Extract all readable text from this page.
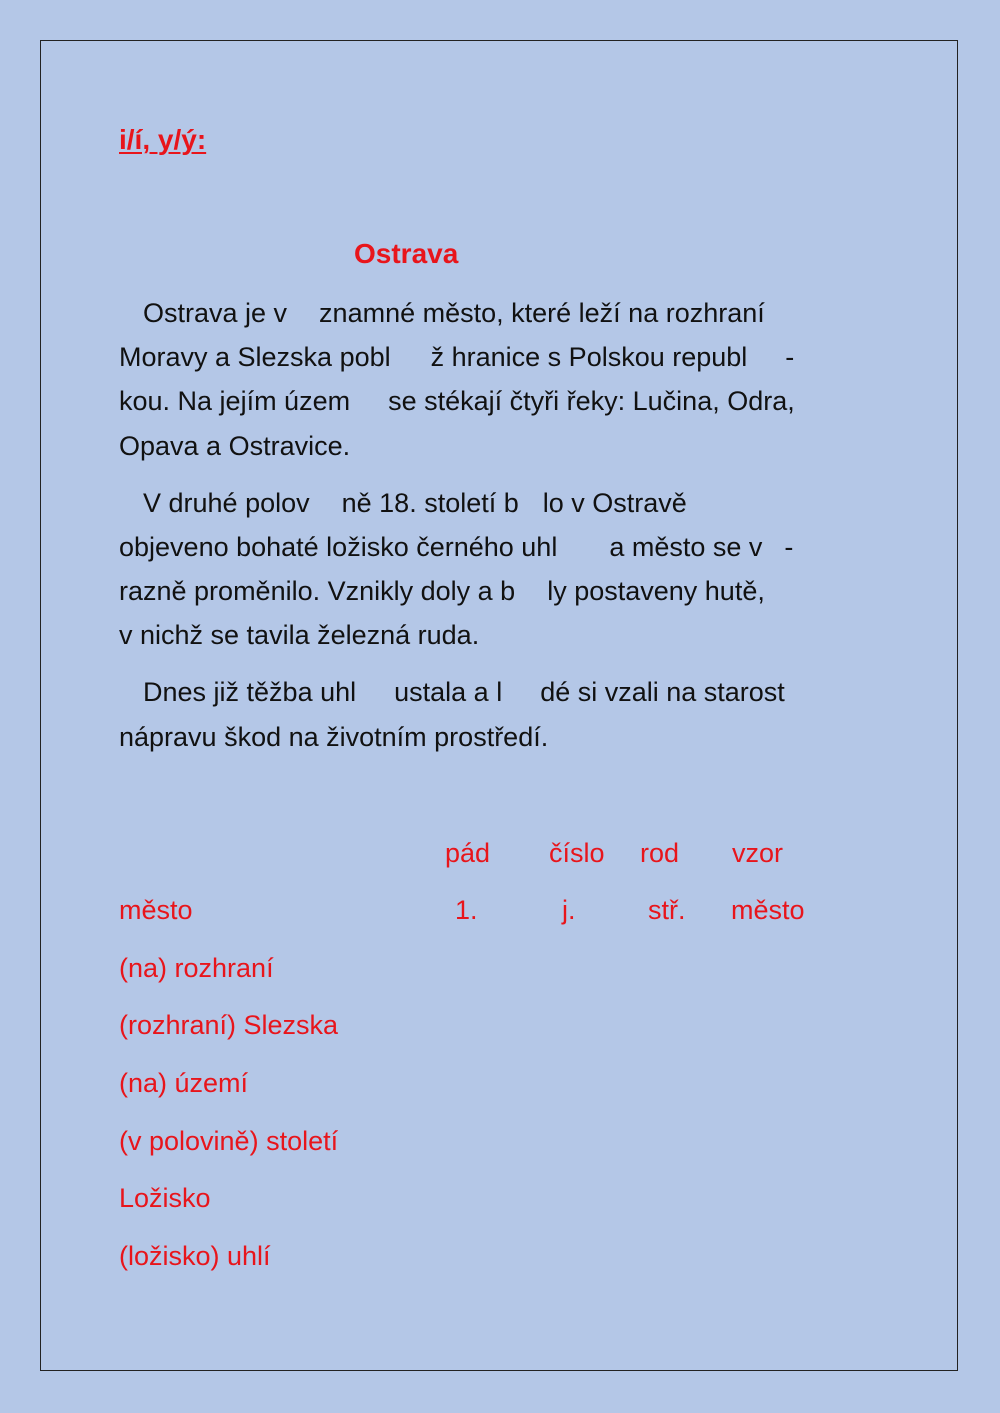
i/í, y/ý:
Ostrava

Ostrava je v znamné město, které leží na rozhraní

Moravy a Slezska pobl ž hranice s Polskou republ -

kou. Na jejím územ se stékají čtyři řeky: Lučina, Odra,

Opava a Ostravice.

V druhé polov ně 18. století b lo v Ostravě

objeveno bohaté ložisko černého uhl a město se v -

razně proměnilo. Vznikly doly a b ly postaveny hutě,

v nichž se tavila železná ruda.

Dnes již těžba uhl ustala a l dé si vzali na starost

nápravu škod na životním prostředí.

pád číslo rod vzor
město	1.	j.	stř. město
(na) rozhraní
(rozhraní) Slezska
(na) území
(v polovině) století
Ložisko
(ložisko) uhlí
